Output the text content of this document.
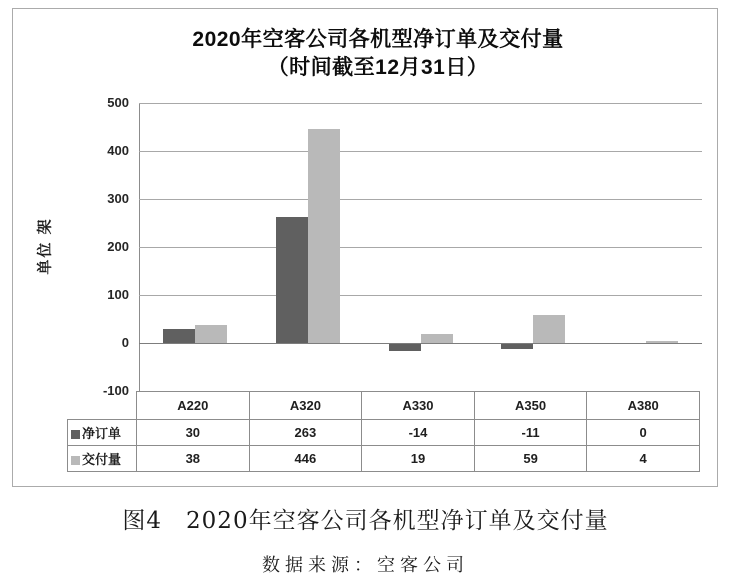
2020年空客公司各机型净订单及交付量
（时间截至12月31日）
单位 架
500
400
300
200
100
0
-100
	A220	A320	A330	A350	A380
净订单	30	263	-14	-11	0
交付量	38	446	19	59	4
图4　2020年空客公司各机型净订单及交付量
数据来源：空客公司
